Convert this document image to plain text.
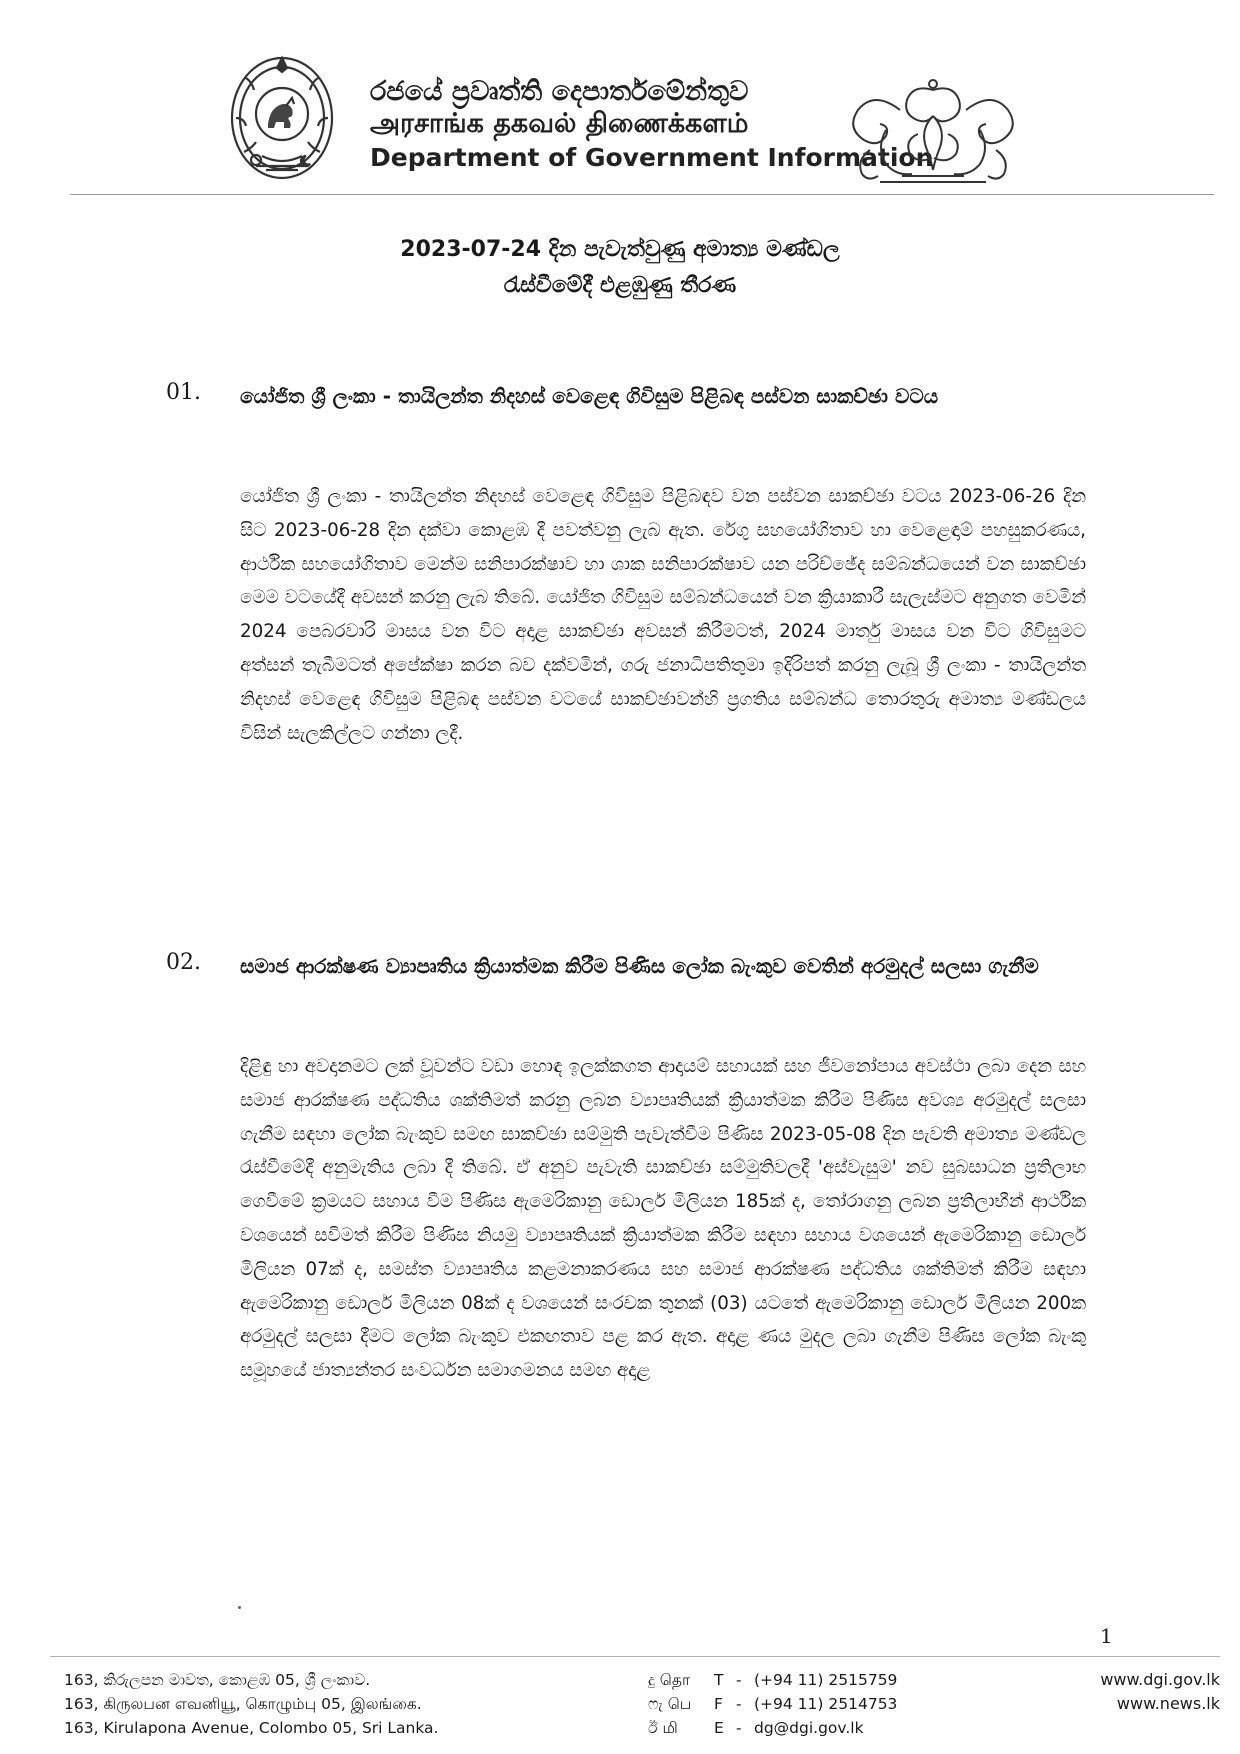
රජයේ ප්‍රවෘත්ති දෙපාර්තමේන්තුව
அரசாங்க தகவல் திணைக்களம்
Department of Government Information
2023-07-24 දින පැවැත්වුණු අමාත්‍ය මණ්ඩල
රැස්වීමේදී එළඹුණු තීරණ
01. යෝජිත ශ්‍රී ලංකා - තායිලන්ත නිදහස් වෙළෙඳ ගිවිසුම පිළිබඳ පස්වන සාකච්ඡා වටය
යෝජිත ශ්‍රී ලංකා - තායිලන්ත නිදහස් වෙළෙඳ ගිවිසුම පිළිබඳව වන පස්වන සාකච්ඡා වටය 2023-06-26 දින සිට 2023-06-28 දින දක්වා කොළඹ දී පවත්වනු ලැබ ඇත. රේගු සහයෝගිතාව හා වෙළෙඳාම් පහසුකරණය, ආර්ථික සහයෝගිතාව මෙන්ම සනිපාරක්ෂාව හා ශාක සනිපාරක්ෂාව යන පරිච්ඡේද සම්බන්ධයෙන් වන සාකච්ඡා මෙම වටයේදී අවසන් කරනු ලැබ තිබේ. යෝජිත ගිවිසුම සම්බන්ධයෙන් වන ක්‍රියාකාරී සැලැස්මට අනුගත වෙමින් 2024 පෙබරවාරි මාසය වන විට අදාළ සාකච්ඡා අවසන් කිරීමටත්, 2024 මාර්තු මාසය වන විට ගිවිසුමට අත්සන් තැබීමටත් අපේක්ෂා කරන බව දක්වමින්, ගරු ජනාධිපතිතුමා ඉදිරිපත් කරනු ලැබූ ශ්‍රී ලංකා - තායිලන්ත නිදහස් වෙළෙඳ ගිවිසුම පිළිබඳ පස්වන වටයේ සාකච්ඡාවන්හි ප්‍රගතිය සම්බන්ධ තොරතුරු අමාත්‍ය මණ්ඩලය විසින් සැලකිල්ලට ගන්නා ලදී.
02. සමාජ ආරක්ෂණ ව්‍යාපෘතිය ක්‍රියාත්මක කිරීම පිණිස ලෝක බැංකුව වෙතින් අරමුදල් සලසා ගැනීම
දිළිඳු හා අවදානමට ලක් වූවන්ට වඩා හොඳ ඉලක්කගත ආදායම් සහායක් සහ ජීවනෝපාය අවස්ථා ලබා දෙන සහ සමාජ ආරක්ෂණ පද්ධතිය ශක්තිමත් කරනු ලබන ව්‍යාපෘතියක් ක්‍රියාත්මක කිරීම පිණිස අවශ්‍ය අරමුදල් සලසා ගැනීම සඳහා ලෝක බැංකුව සමඟ සාකච්ඡා සම්මුති පැවැත්වීම පිණිස 2023-05-08 දින පැවති අමාත්‍ය මණ්ඩල රැස්වීමේදී අනුමැතිය ලබා දී තිබේ. ඒ අනුව පැවැති සාකච්ඡා සම්මුතිවලදී 'අස්වැසුම' නව සුබසාධන ප්‍රතිලාභ ගෙවීමේ ක්‍රමයට සහාය වීම පිණිස ඇමෙරිකානු ඩොලර් මිලියන 185ක් ද, තෝරාගනු ලබන ප්‍රතිලාභීන් ආර්ථික වශයෙන් සවිමත් කිරීම පිණිස නියමු ව්‍යාපෘතියක් ක්‍රියාත්මක කිරීම සඳහා සහාය වශයෙන් ඇමෙරිකානු ඩොලර් මිලියන 07ක් ද, සමස්ත ව්‍යාපෘතිය කළමනාකරණය සහ සමාජ ආරක්ෂණ පද්ධතිය ශක්තිමත් කිරීම සඳහා ඇමෙරිකානු ඩොලර් මිලියන 08ක් ද වශයෙන් සංරචක තුනක් (03) යටතේ ඇමෙරිකානු ඩොලර් මිලියන 200ක අරමුදල් සලසා දීමට ලෝක බැංකුව එකඟතාව පළ කර ඇත. අදාළ ණය මුදල ලබා ගැනීම පිණිස ලෝක බැංකු සමූහයේ ජාත්‍යන්තර සංවර්ධන සමාගමනය සමඟ අදාළ
1
163, කිරුලපන මාවත, කොළඹ 05, ශ්‍රී ලංකාව.
163, கிருலபன எவனியூ, கொழும்பு 05, இலங்கை.
163, Kirulapona Avenue, Colombo 05, Sri Lanka.
දු தொ	T - (+94 11) 2515759
ෆැ பெ	F - (+94 11) 2514753
ඊ மி	E - dg@dgi.gov.lk
www.dgi.gov.lk
www.news.lk
